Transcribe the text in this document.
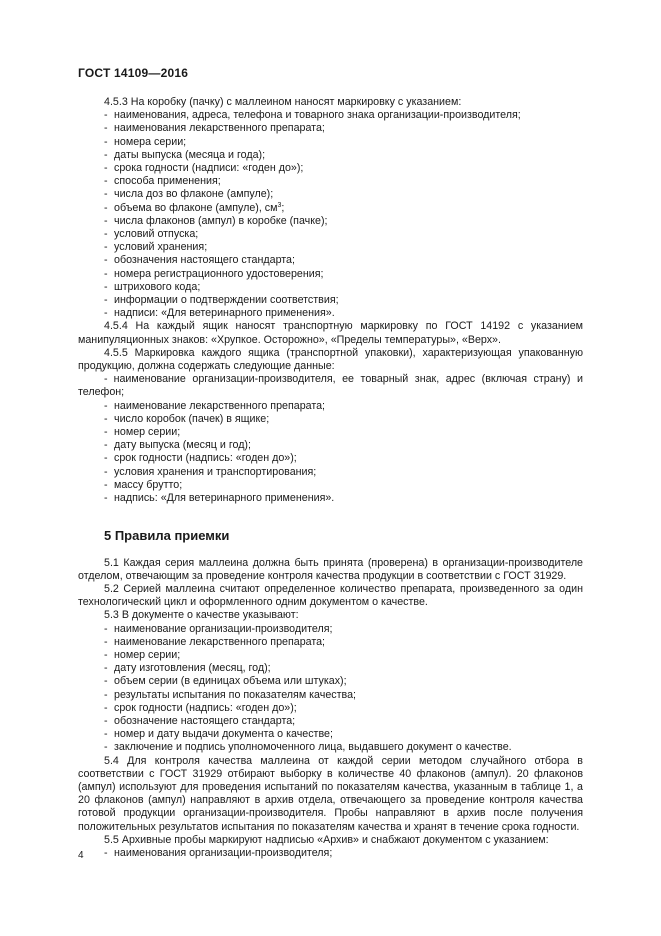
ГОСТ 14109—2016

4.5.3 На коробку (пачку) с маллеином наносят маркировку с указанием:

- наименования, адреса, телефона и товарного знака организации-производителя;
- наименования лекарственного препарата;
- номера серии;
- даты выпуска (месяца и года);
- срока годности (надписи: «годен до»);
- способа применения;
- числа доз во флаконе (ампуле);
- объема во флаконе (ампуле), $см^3$;
- числа флаконов (ампул) в коробке (пачке);
- условий отпуска;
- условий хранения;
- обозначения настоящего стандарта;
- номера регистрационного удостоверения;
- штрихового кода;
- информации о подтверждении соответствия;
- надписи: «Для ветеринарного применения».

4.5.4 На каждый ящик наносят транспортную маркировку по ГОСТ 14192 с указанием манипуляционных знаков: «Хрупкое. Осторожно», «Пределы температуры», «Верх».

4.5.5 Маркировка каждого ящика (транспортной упаковки), характеризующая упакованную продукцию, должна содержать следующие данные:

- наименование организации-производителя, ее товарный знак, адрес (включая страну) и телефон;
- наименование лекарственного препарата;
- число коробок (пачек) в ящике;
- номер серии;
- дату выпуска (месяц и год);
- срок годности (надпись: «годен до»);
- условия хранения и транспортирования;
- массу брутто;
- надпись: «Для ветеринарного применения».
5 Правила приемки

5.1 Каждая серия маллеина должна быть принята (проверена) в организации-производителе отделом, отвечающим за проведение контроля качества продукции в соответствии с ГОСТ 31929.

5.2 Серией маллеина считают определенное количество препарата, произведенного за один технологический цикл и оформленного одним документом о качестве.

5.3 В документе о качестве указывают:

- наименование организации-производителя;
- наименование лекарственного препарата;
- номер серии;
- дату изготовления (месяц, год);
- объем серии (в единицах объема или штуках);
- результаты испытания по показателям качества;
- срок годности (надпись: «годен до»);
- обозначение настоящего стандарта;
- номер и дату выдачи документа о качестве;
- заключение и подпись уполномоченного лица, выдавшего документ о качестве.

5.4 Для контроля качества маллеина от каждой серии методом случайного отбора в соответствии с ГОСТ 31929 отбирают выборку в количестве 40 флаконов (ампул). 20 флаконов (ампул) используют для проведения испытаний по показателям качества, указанным в таблице 1, а 20 флаконов (ампул) направляют в архив отдела, отвечающего за проведение контроля качества готовой продукции организации-производителя. Пробы направляют в архив после получения положительных результатов испытания по показателям качества и хранят в течение срока годности.

5.5 Архивные пробы маркируют надписью «Архив» и снабжают документом с указанием:

- наименования организации-производителя;
4
